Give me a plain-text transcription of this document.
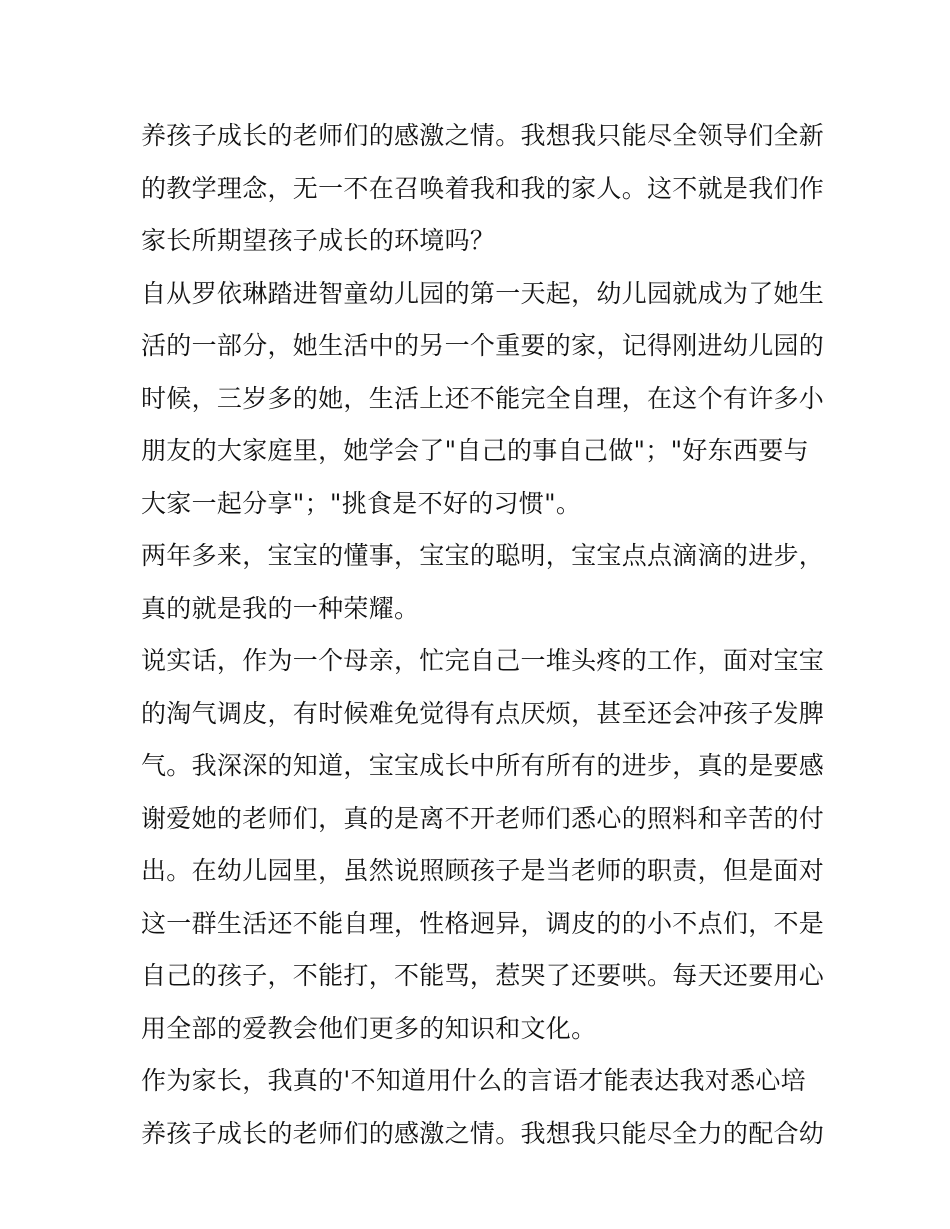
养孩子成长的老师们的感激之情。我想我只能尽全领导们全新
的教学理念，无一不在召唤着我和我的家人。这不就是我们作
家长所期望孩子成长的环境吗？
自从罗依琳踏进智童幼儿园的第一天起，幼儿园就成为了她生
活的一部分，她生活中的另一个重要的家，记得刚进幼儿园的
时候，三岁多的她，生活上还不能完全自理，在这个有许多小
朋友的大家庭里，她学会了"自己的事自己做"；"好东西要与
大家一起分享"；"挑食是不好的习惯"。
两年多来，宝宝的懂事，宝宝的聪明，宝宝点点滴滴的进步，
真的就是我的一种荣耀。
说实话，作为一个母亲，忙完自己一堆头疼的工作，面对宝宝
的淘气调皮，有时候难免觉得有点厌烦，甚至还会冲孩子发脾
气。我深深的知道，宝宝成长中所有所有的进步，真的是要感
谢爱她的老师们，真的是离不开老师们悉心的照料和辛苦的付
出。在幼儿园里，虽然说照顾孩子是当老师的职责，但是面对
这一群生活还不能自理，性格迥异，调皮的的小不点们，不是
自己的孩子，不能打，不能骂，惹哭了还要哄。每天还要用心
用全部的爱教会他们更多的知识和文化。
作为家长，我真的'不知道用什么的言语才能表达我对悉心培
养孩子成长的老师们的感激之情。我想我只能尽全力的配合幼
